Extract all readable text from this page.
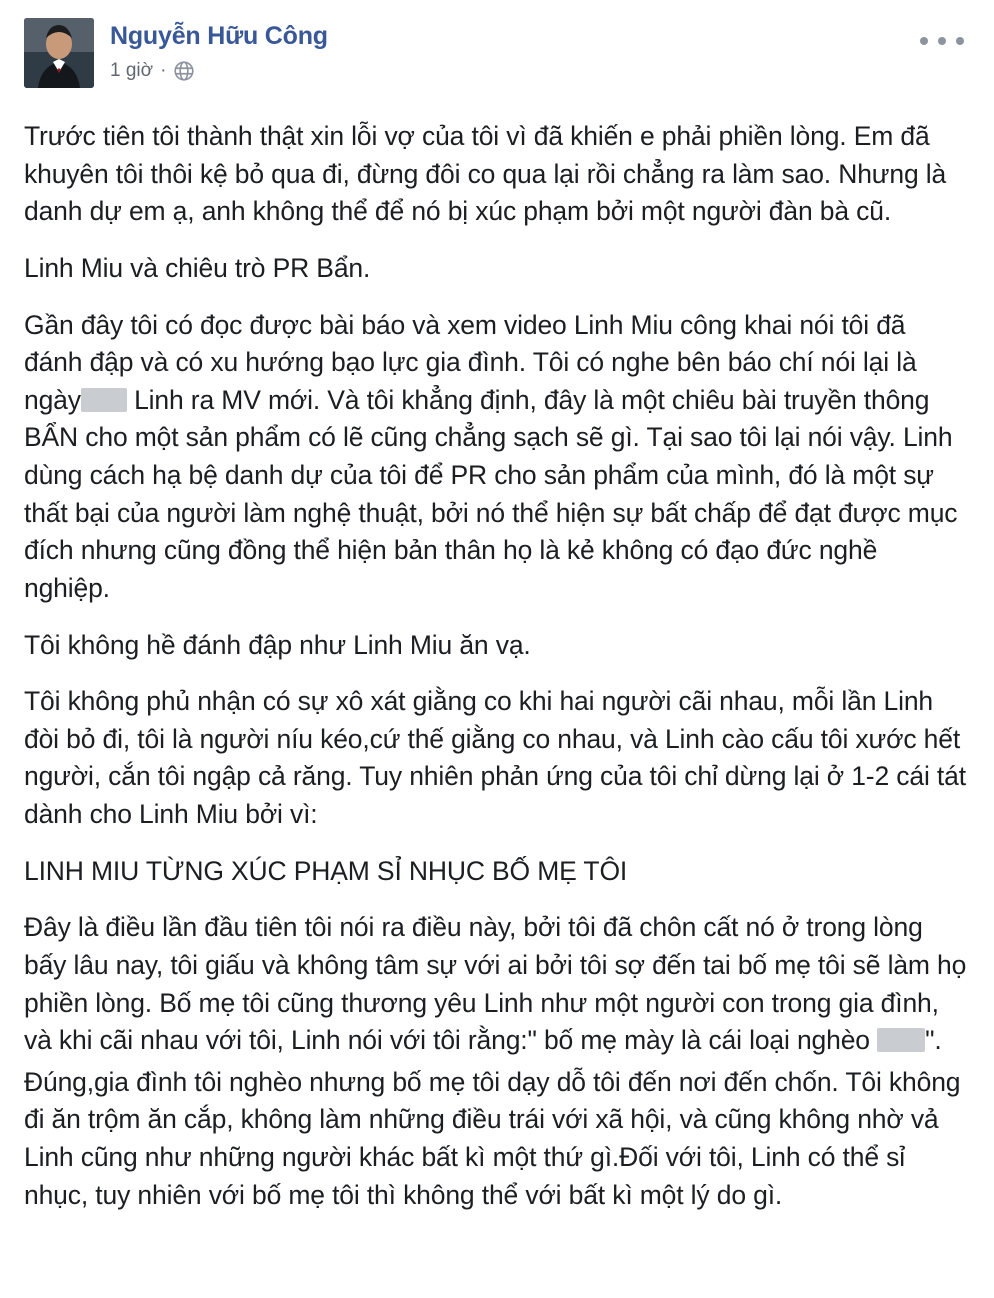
Nguyễn Hữu Công
1 giờ ·

Trước tiên tôi thành thật xin lỗi vợ của tôi vì đã khiến e phải phiền lòng. Em đã khuyên tôi thôi kệ bỏ qua đi, đừng đôi co qua lại rồi chẳng ra làm sao. Nhưng là danh dự em ạ, anh không thể để nó bị xúc phạm bởi một người đàn bà cũ.

Linh Miu và chiêu trò PR Bẩn.

Gần đây tôi có đọc được bài báo và xem video Linh Miu công khai nói tôi đã đánh đập và có xu hướng bạo lực gia đình. Tôi có nghe bên báo chí nói lại là ngày Linh ra MV mới. Và tôi khẳng định, đây là một chiêu bài truyền thông BẨN cho một sản phẩm có lẽ cũng chẳng sạch sẽ gì. Tại sao tôi lại nói vậy. Linh dùng cách hạ bệ danh dự của tôi để PR cho sản phẩm của mình, đó là một sự thất bại của người làm nghệ thuật, bởi nó thể hiện sự bất chấp để đạt được mục đích nhưng cũng đồng thể hiện bản thân họ là kẻ không có đạo đức nghề nghiệp.

Tôi không hề đánh đập như Linh Miu ăn vạ.

Tôi không phủ nhận có sự xô xát giằng co khi hai người cãi nhau, mỗi lần Linh đòi bỏ đi, tôi là người níu kéo,cứ thế giằng co nhau, và Linh cào cấu tôi xước hết người, cắn tôi ngập cả răng. Tuy nhiên phản ứng của tôi chỉ dừng lại ở 1-2 cái tát dành cho Linh Miu bởi vì:

LINH MIU TỪNG XÚC PHẠM SỈ NHỤC BỐ MẸ TÔI

Đây là điều lần đầu tiên tôi nói ra điều này, bởi tôi đã chôn cất nó ở trong lòng bấy lâu nay, tôi giấu và không tâm sự với ai bởi tôi sợ đến tai bố mẹ tôi sẽ làm họ phiền lòng. Bố mẹ tôi cũng thương yêu Linh như một người con trong gia đình, và khi cãi nhau với tôi, Linh nói với tôi rằng:" bố mẹ mày là cái loại nghèo ".

Đúng,gia đình tôi nghèo nhưng bố mẹ tôi dạy dỗ tôi đến nơi đến chốn. Tôi không đi ăn trộm ăn cắp, không làm những điều trái với xã hội, và cũng không nhờ vả Linh cũng như những người khác bất kì một thứ gì.Đối với tôi, Linh có thể sỉ nhục, tuy nhiên với bố mẹ tôi thì không thể với bất kì một lý do gì.
